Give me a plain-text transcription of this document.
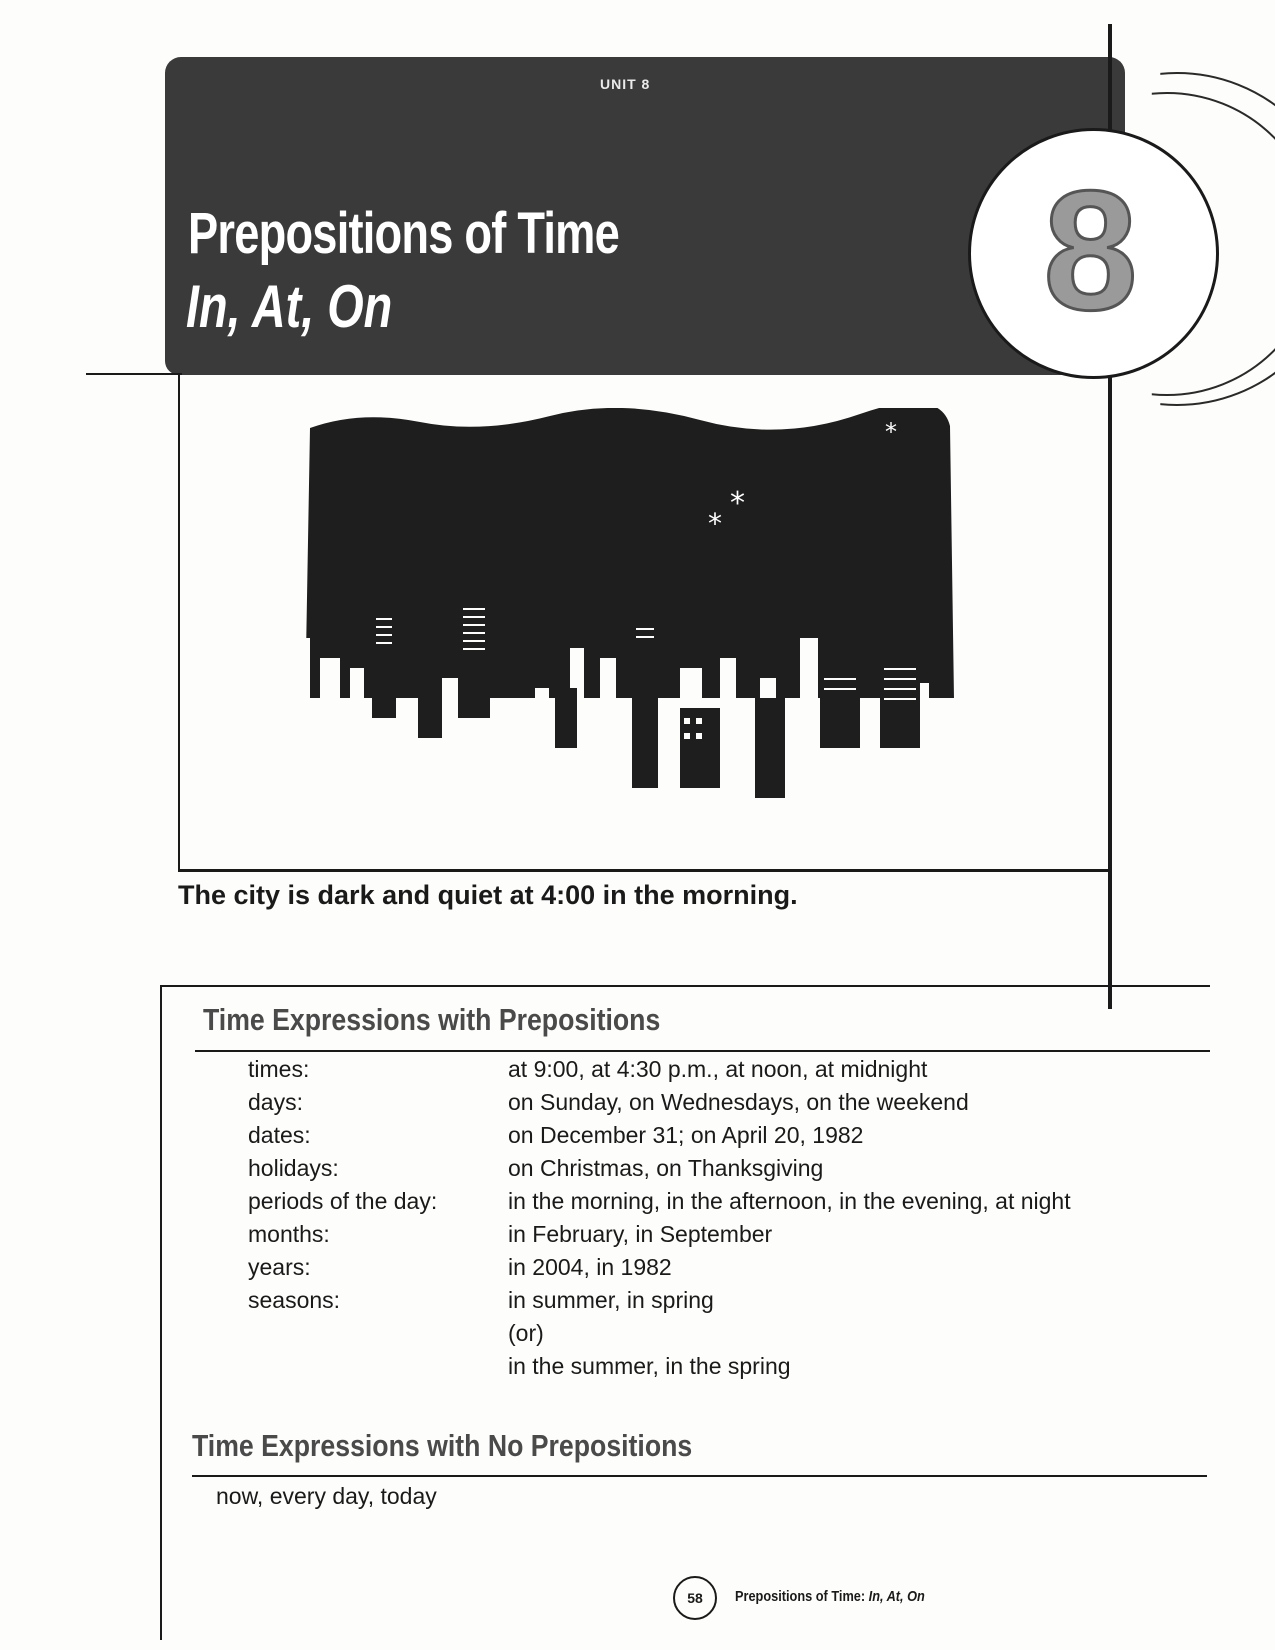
8
UNIT 8
Prepositions of Time
In, At, On
*
*
*
The city is dark and quiet at 4:00 in the morning.
Time Expressions with Prepositions
times:	at 9:00, at 4:30 p.m., at noon, at midnight
days:	on Sunday, on Wednesdays, on the weekend
dates:	on December 31; on April 20, 1982
holidays:	on Christmas, on Thanksgiving
periods of the day:	in the morning, in the afternoon, in the evening, at night
months:	in February, in September
years:	in 2004, in 1982
seasons:	in summer, in spring
(or)
in the summer, in the spring
Time Expressions with No Prepositions
now, every day, today
58	Prepositions of Time: In, At, On
